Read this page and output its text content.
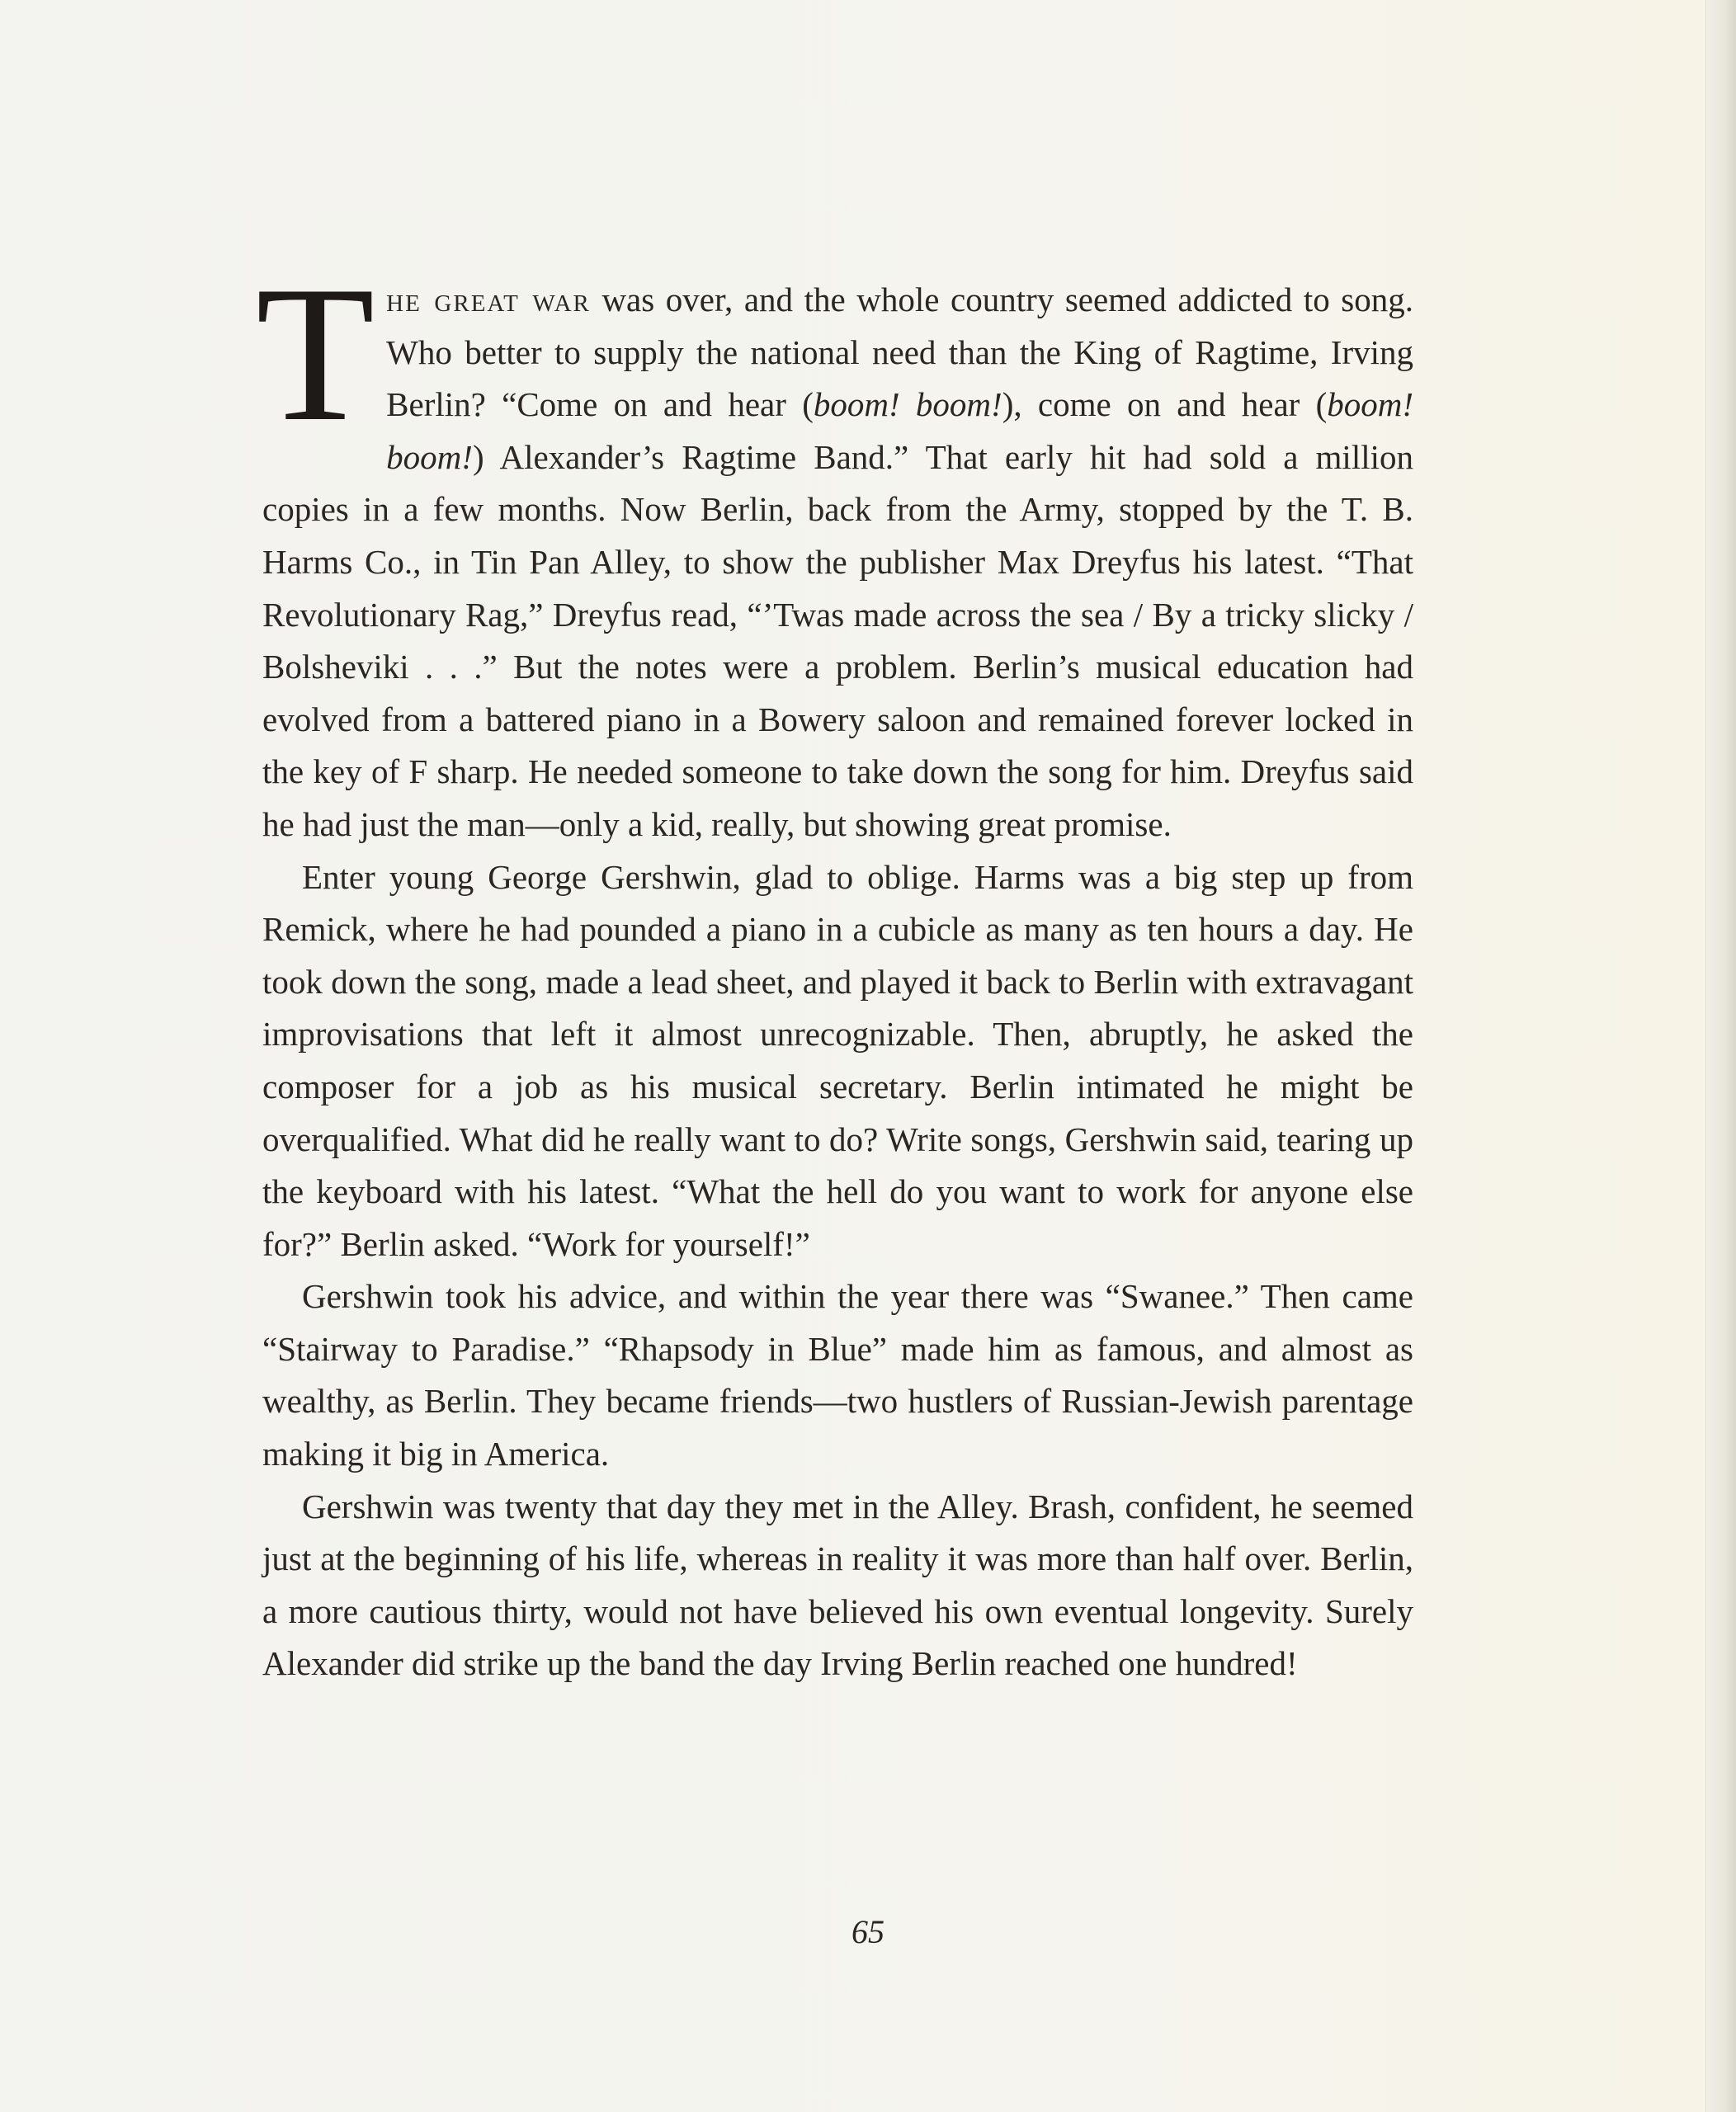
The great war was over, and the whole country seemed addicted to song. Who better to supply the national need than the King of Ragtime, Irving Berlin? “Come on and hear (boom! boom!), come on and hear (boom! boom!) Alexander’s Ragtime Band.” That early hit had sold a million copies in a few months. Now Berlin, back from the Army, stopped by the T. B. Harms Co., in Tin Pan Alley, to show the publisher Max Dreyfus his latest. “That Revolutionary Rag,” Dreyfus read, “’Twas made across the sea / By a tricky slicky / Bolsheviki . . .” But the notes were a problem. Berlin’s musical education had evolved from a battered piano in a Bowery saloon and remained forever locked in the key of F sharp. He needed someone to take down the song for him. Dreyfus said he had just the man—only a kid, really, but showing great promise.

Enter young George Gershwin, glad to oblige. Harms was a big step up from Remick, where he had pounded a piano in a cubicle as many as ten hours a day. He took down the song, made a lead sheet, and played it back to Berlin with extravagant improvisations that left it almost unrecognizable. Then, abruptly, he asked the composer for a job as his musical secretary. Berlin intimated he might be overqualified. What did he really want to do? Write songs, Gershwin said, tearing up the keyboard with his latest. “What the hell do you want to work for anyone else for?” Berlin asked. “Work for yourself!”

Gershwin took his advice, and within the year there was “Swanee.” Then came “Stairway to Paradise.” “Rhapsody in Blue” made him as famous, and almost as wealthy, as Berlin. They became friends—two hustlers of Russian-Jewish parentage making it big in America.

Gershwin was twenty that day they met in the Alley. Brash, confident, he seemed just at the beginning of his life, whereas in reality it was more than half over. Berlin, a more cautious thirty, would not have believed his own eventual longevity. Surely Alexander did strike up the band the day Irving Berlin reached one hundred!

65
